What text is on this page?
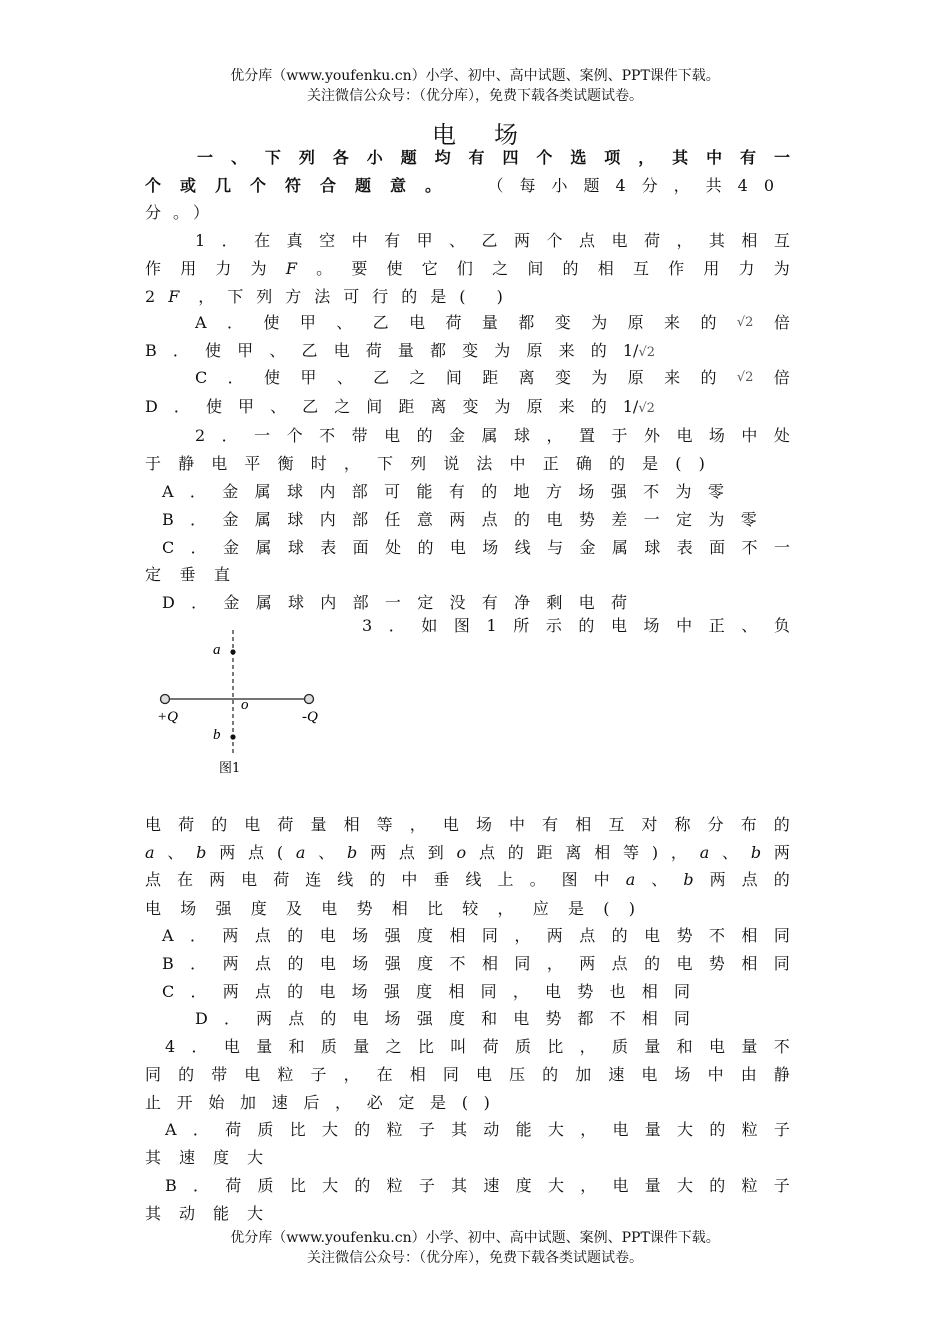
优分库（www.youfenku.cn）小学、初中、高中试题、案例、PPT课件下载。
关注微信公众号：（优分库），免费下载各类试题试卷。
电场
一 、 下 列 各 小 题 均 有 四 个 选 项 ， 其 中 有 一
个或几个符合题意。 （每小题4分，共40
分。）
1 ． 在 真 空 中 有 甲 、 乙 两 个 点 电 荷 ， 其 相 互
作 用 力 为 F 。 要 使 它 们 之 间 的 相 互 作 用 力 为
2F ，下列方法可行的是( )
A ． 使 甲 、 乙 电 荷 量 都 变 为 原 来 的 √2 倍
B ． 使 甲 、 乙 电 荷 量 都 变 为 原 来 的 1/√2
C ． 使 甲 、 乙 之 间 距 离 变 为 原 来 的 √2 倍
D ． 使 甲 、 乙 之 间 距 离 变 为 原 来 的 1/√2
2 ． 一 个 不 带 电 的 金 属 球 ， 置 于 外 电 场 中 处
于 静 电 平 衡 时 ， 下 列 说 法 中 正 确 的 是 ( )
A ． 金 属 球 内 部 可 能 有 的 地 方 场 强 不 为 零
B ． 金 属 球 内 部 任 意 两 点 的 电 势 差 一 定 为 零
C ． 金 属 球 表 面 处 的 电 场 线 与 金 属 球 表 面 不 一
定 垂 直
D ． 金 属 球 内 部 一 定 没 有 净 剩 电 荷
3 ． 如 图 1 所 示 的 电 场 中 正 、 负
a
b
o
+Q	-Q
图1
电 荷 的 电 荷 量 相 等 ， 电 场 中 有 相 互 对 称 分 布 的
a 、 b 两 点 ( a 、 b 两 点 到 o 点 的 距 离 相 等 ) ， a 、 b 两
点 在 两 电 荷 连 线 的 中 垂 线 上 。 图 中 a 、 b 两 点 的
电 场 强 度 及 电 势 相 比 较 ， 应 是 ( )
A ． 两 点 的 电 场 强 度 相 同 ， 两 点 的 电 势 不 相 同
B ． 两 点 的 电 场 强 度 不 相 同 ， 两 点 的 电 势 相 同
C ． 两 点 的 电 场 强 度 相 同 ， 电 势 也 相 同
D ． 两 点 的 电 场 强 度 和 电 势 都 不 相 同
4 ． 电 量 和 质 量 之 比 叫 荷 质 比 ， 质 量 和 电 量 不
同 的 带 电 粒 子 ， 在 相 同 电 压 的 加 速 电 场 中 由 静
止 开 始 加 速 后 ， 必 定 是 ( )
A ． 荷 质 比 大 的 粒 子 其 动 能 大 ， 电 量 大 的 粒 子
其 速 度 大
B ． 荷 质 比 大 的 粒 子 其 速 度 大 ， 电 量 大 的 粒 子
其 动 能 大
优分库（www.youfenku.cn）小学、初中、高中试题、案例、PPT课件下载。
关注微信公众号：（优分库），免费下载各类试题试卷。
